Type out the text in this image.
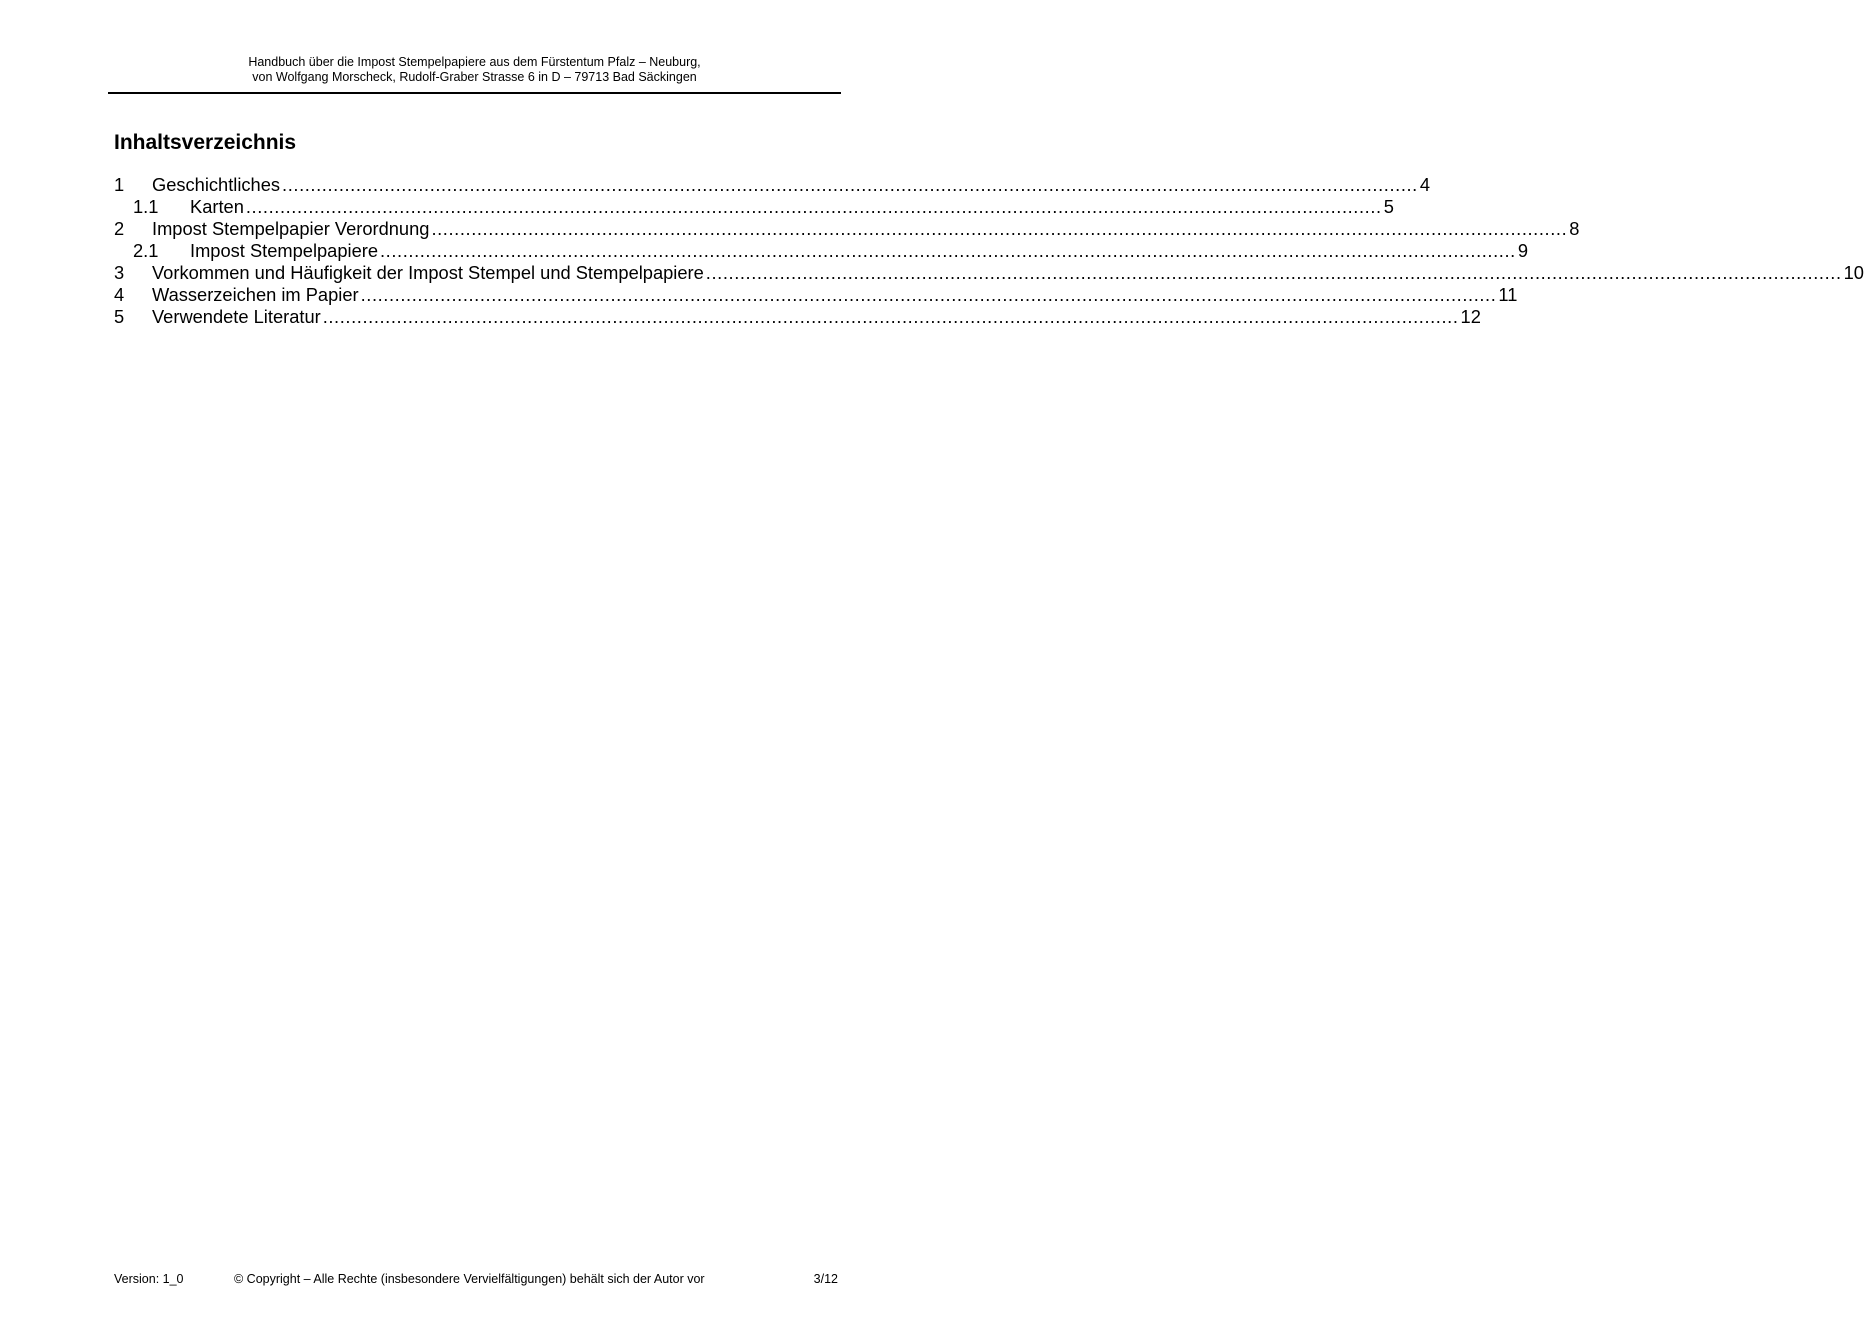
Handbuch über die Impost Stempelpapiere aus dem Fürstentum Pfalz – Neuburg,
von Wolfgang Morscheck, Rudolf-Graber Strasse 6 in D – 79713 Bad Säckingen
Inhaltsverzeichnis
1	Geschichtliches ........................................................................................................................................................................................................ 4
1.1	Karten ........................................................................................................................................................................................................ 5
2	Impost Stempelpapier Verordnung ........................................................................................................................................................................................................ 8
2.1	Impost Stempelpapiere ........................................................................................................................................................................................................ 9
3	Vorkommen und Häufigkeit der Impost Stempel und Stempelpapiere ........................................................................................................................................................................................................ 10
4	Wasserzeichen im Papier ........................................................................................................................................................................................................ 11
5	Verwendete Literatur ........................................................................................................................................................................................................ 12
Version: 1_0	© Copyright – Alle Rechte (insbesondere Vervielfältigungen) behält sich der Autor vor	3/12
